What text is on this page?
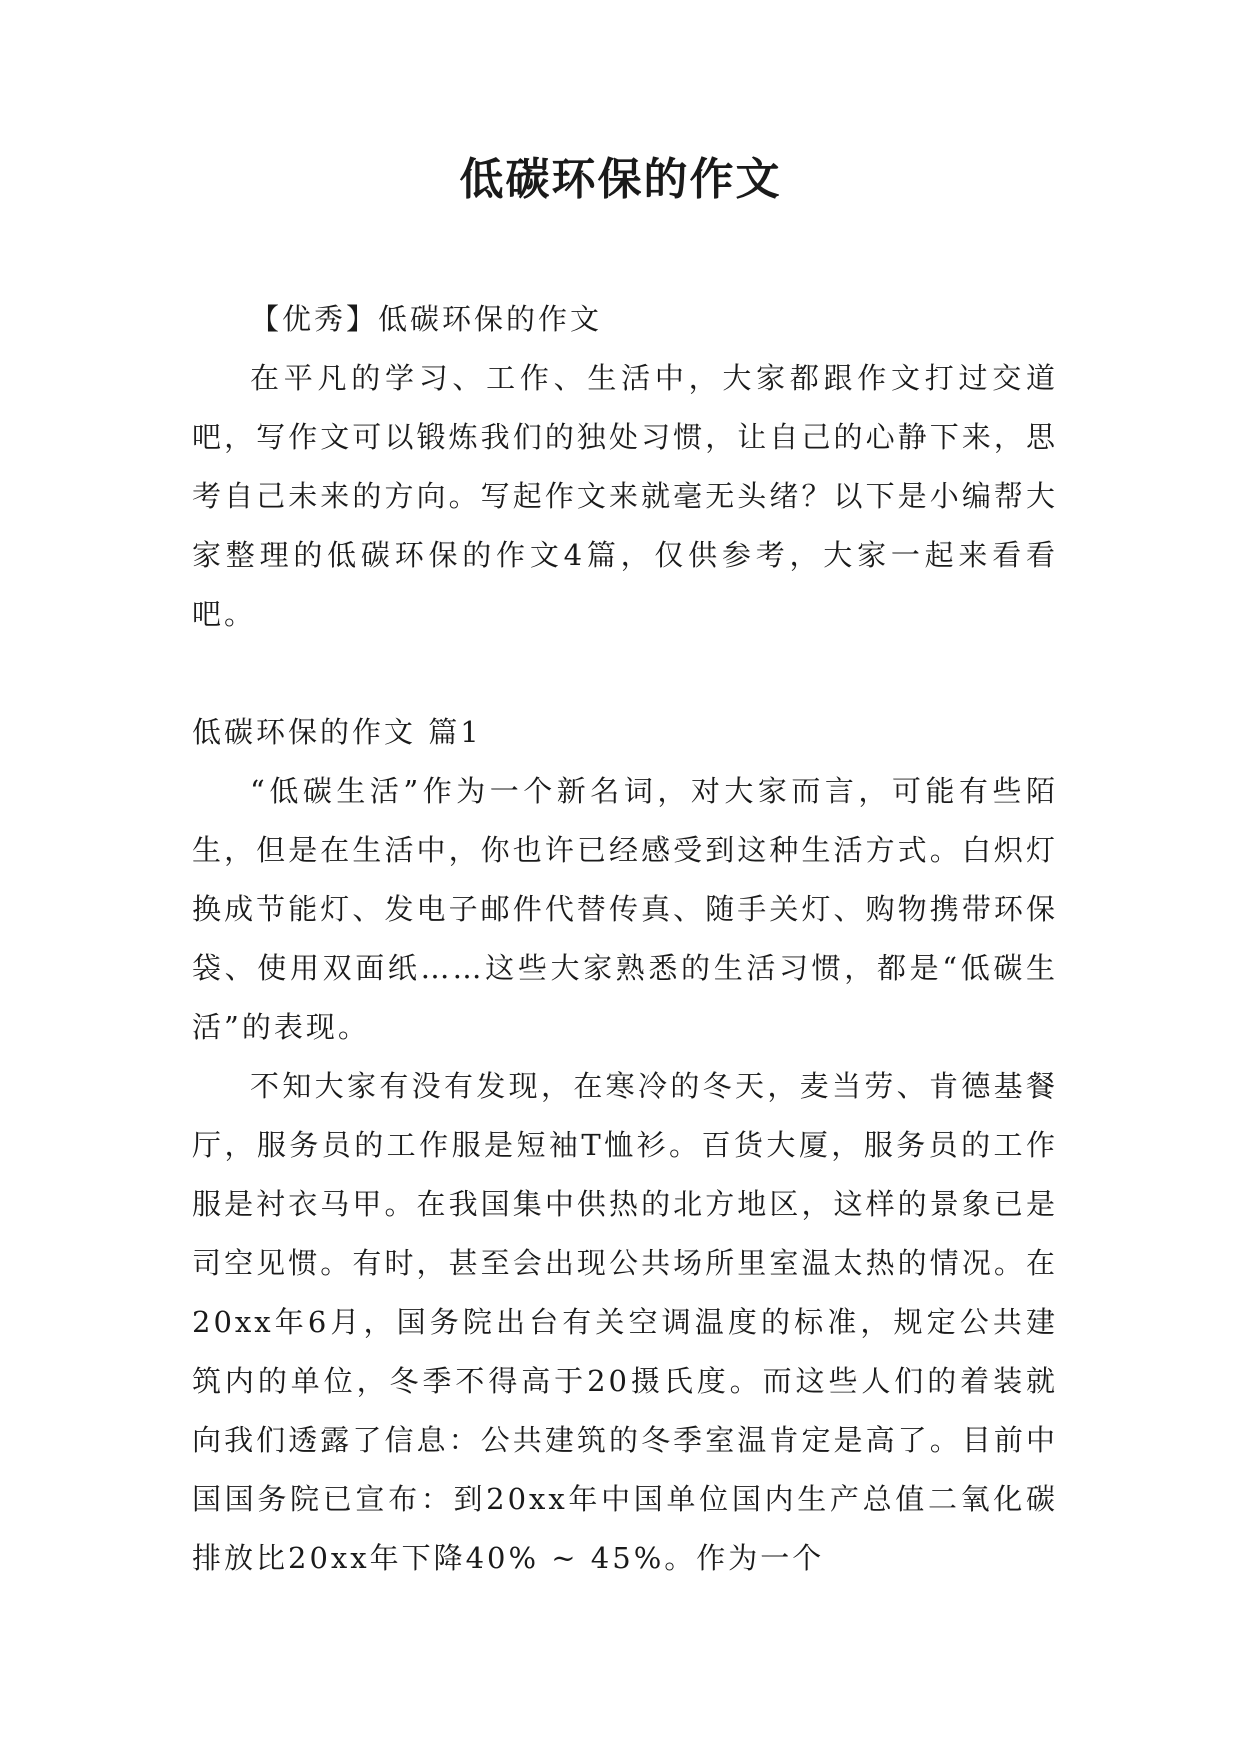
低碳环保的作文

【优秀】低碳环保的作文

在平凡的学习、工作、生活中，大家都跟作文打过交道吧，写作文可以锻炼我们的独处习惯，让自己的心静下来，思考自己未来的方向。写起作文来就毫无头绪？以下是小编帮大家整理的低碳环保的作文4篇，仅供参考，大家一起来看看吧。

低碳环保的作文 篇1

“低碳生活”作为一个新名词，对大家而言，可能有些陌生，但是在生活中，你也许已经感受到这种生活方式。白炽灯换成节能灯、发电子邮件代替传真、随手关灯、购物携带环保袋、使用双面纸……这些大家熟悉的生活习惯，都是“低碳生活”的表现。

不知大家有没有发现，在寒冷的冬天，麦当劳、肯德基餐厅，服务员的工作服是短袖T恤衫。百货大厦，服务员的工作服是衬衣马甲。在我国集中供热的北方地区，这样的景象已是司空见惯。有时，甚至会出现公共场所里室温太热的情况。在20xx年6月，国务院出台有关空调温度的标准，规定公共建筑内的单位，冬季不得高于20摄氏度。而这些人们的着装就向我们透露了信息：公共建筑的冬季室温肯定是高了。目前中国国务院已宣布：到20xx年中国单位国内生产总值二氧化碳排放比20xx年下降40% ~ 45%。作为一个
